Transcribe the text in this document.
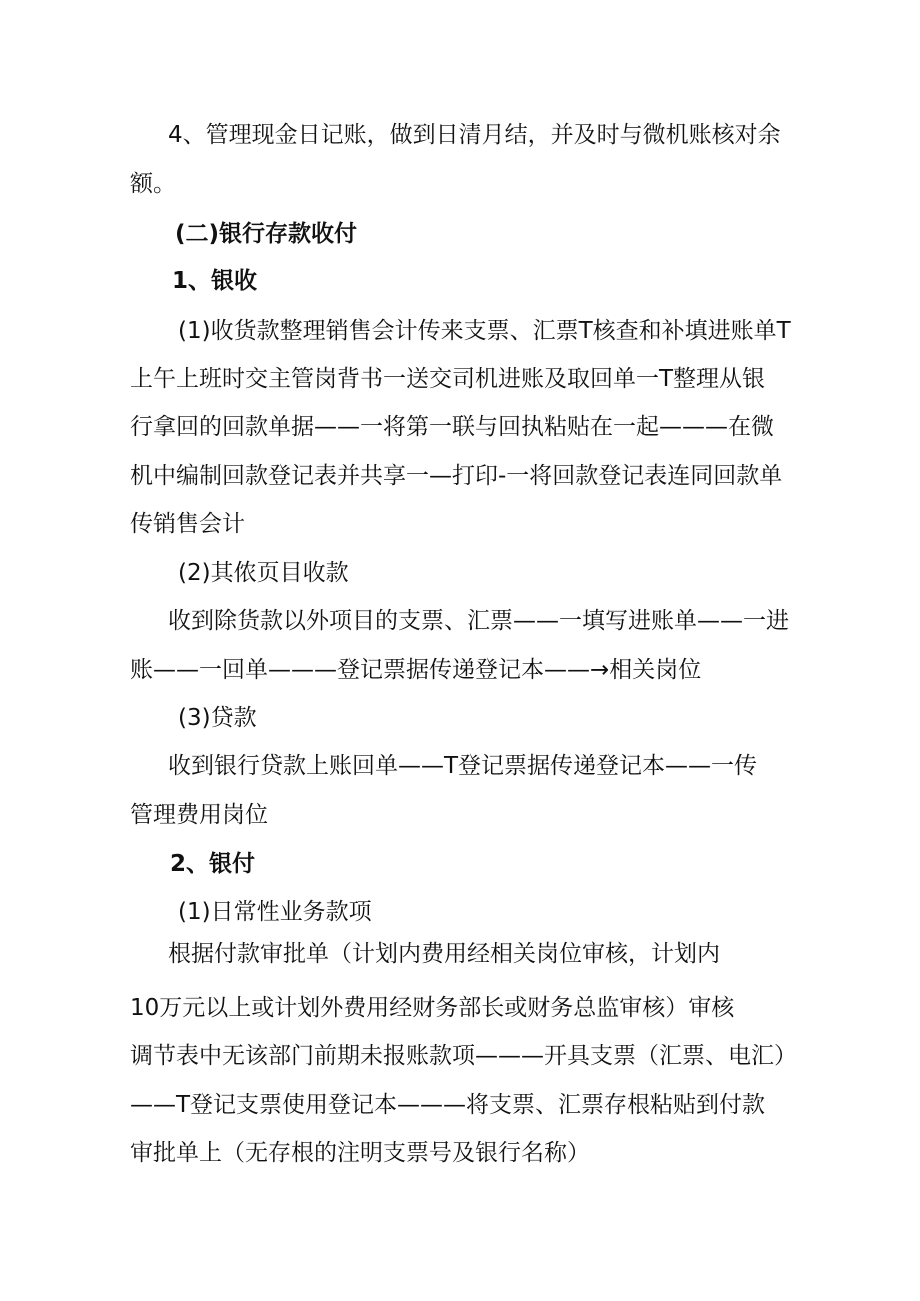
4、管理现金日记账，做到日清月结，并及时与微机账核对余
额。
(二)银行存款收付
1、银收
(1)收货款整理销售会计传来支票、汇票T核查和补填进账单T
上午上班时交主管岗背书一送交司机进账及取回单一T整理从银
行拿回的回款单据——一将第一联与回执粘贴在一起———在微
机中编制回款登记表并共享一—打印-一将回款登记表连同回款单
传销售会计
(2)其侬页目收款
收到除货款以外项目的支票、汇票——一填写进账单——一进
账——一回单———登记票据传递登记本——→相关岗位
(3)贷款
收到银行贷款上账回单——T登记票据传递登记本——一传
管理费用岗位
2、银付
(1)日常性业务款项
根据付款审批单（计划内费用经相关岗位审核，计划内
10万元以上或计划外费用经财务部长或财务总监审核）审核
调节表中无该部门前期未报账款项———开具支票（汇票、电汇）
——T登记支票使用登记本———将支票、汇票存根粘贴到付款
审批单上（无存根的注明支票号及银行名称）
